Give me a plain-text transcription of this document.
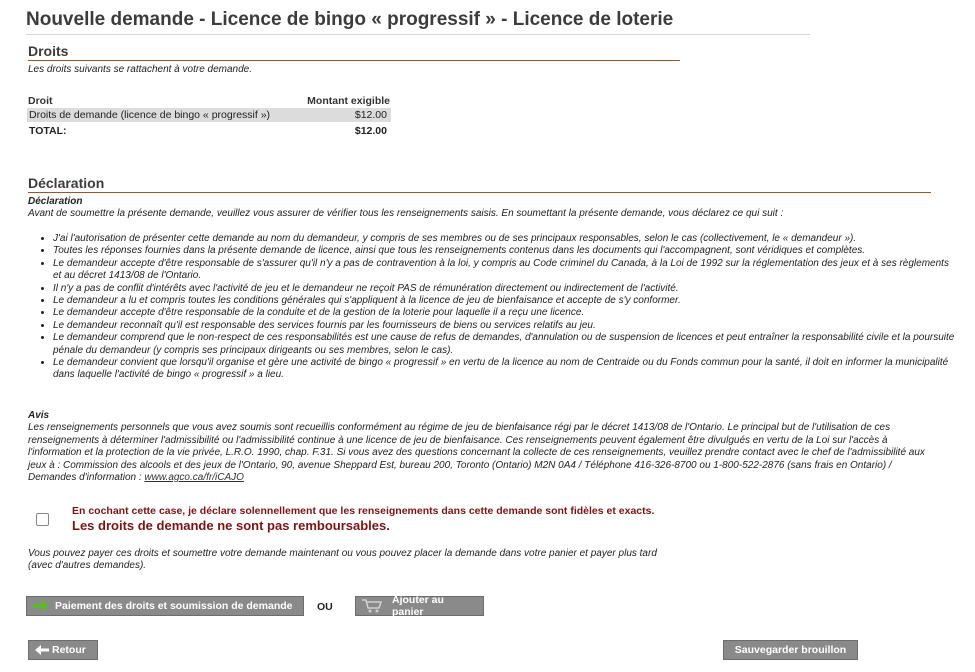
Nouvelle demande - Licence de bingo « progressif » - Licence de loterie
Droits
Les droits suivants se rattachent à votre demande.
Droit	Montant exigible
Droits de demande (licence de bingo « progressif »)	$12.00
TOTAL:	$12.00
Déclaration
Déclaration
Avant de soumettre la présente demande, veuillez vous assurer de vérifier tous les renseignements saisis. En soumettant la présente demande, vous déclarez ce qui suit :
• J'ai l'autorisation de présenter cette demande au nom du demandeur, y compris de ses membres ou de ses principaux responsables, selon le cas (collectivement, le « demandeur »).
• Toutes les réponses fournies dans la présente demande de licence, ainsi que tous les renseignements contenus dans les documents qui l'accompagnent, sont véridiques et complètes.
• Le demandeur accepte d'être responsable de s'assurer qu'il n'y a pas de contravention à la loi, y compris au Code criminel du Canada, à la Loi de 1992 sur la réglementation des jeux et à ses règlements et au décret 1413/08 de l'Ontario.
• Il n'y a pas de conflit d'intérêts avec l'activité de jeu et le demandeur ne reçoit PAS de rémunération directement ou indirectement de l'activité.
• Le demandeur a lu et compris toutes les conditions générales qui s'appliquent à la licence de jeu de bienfaisance et accepte de s'y conformer.
• Le demandeur accepte d'être responsable de la conduite et de la gestion de la loterie pour laquelle il a reçu une licence.
• Le demandeur reconnaît qu'il est responsable des services fournis par les fournisseurs de biens ou services relatifs au jeu.
• Le demandeur comprend que le non-respect de ces responsabilités est une cause de refus de demandes, d'annulation ou de suspension de licences et peut entraîner la responsabilité civile et la poursuite pénale du demandeur (y compris ses principaux dirigeants ou ses membres, selon le cas).
• Le demandeur convient que lorsqu'il organise et gère une activité de bingo « progressif » en vertu de la licence au nom de Centraide ou du Fonds commun pour la santé, il doit en informer la municipalité dans laquelle l'activité de bingo « progressif » a lieu.
Avis
Les renseignements personnels que vous avez soumis sont recueillis conformément au régime de jeu de bienfaisance régi par le décret 1413/08 de l'Ontario. Le principal but de l'utilisation de ces renseignements à déterminer l'admissibilité ou l'admissibilité continue à une licence de jeu de bienfaisance. Ces renseignements peuvent également être divulgués en vertu de la Loi sur l'accès à l'information et la protection de la vie privée, L.R.O. 1990, chap. F.31. Si vous avez des questions concernant la collecte de ces renseignements, veuillez prendre contact avec le chef de l'admissibilité aux jeux à : Commission des alcools et des jeux de l'Ontario, 90, avenue Sheppard Est, bureau 200, Toronto (Ontario) M2N 0A4 / Téléphone 416-326-8700 ou 1-800-522-2876 (sans frais en Ontario) / Demandes d'information : www.agco.ca/fr/iCAJO
En cochant cette case, je déclare solennellement que les renseignements dans cette demande sont fidèles et exacts.
Les droits de demande ne sont pas remboursables.
Vous pouvez payer ces droits et soumettre votre demande maintenant ou vous pouvez placer la demande dans votre panier et payer plus tard (avec d'autres demandes).
Paiement des droits et soumission de demande OU
Ajouter au panier
Retour	Sauvegarder brouillon
